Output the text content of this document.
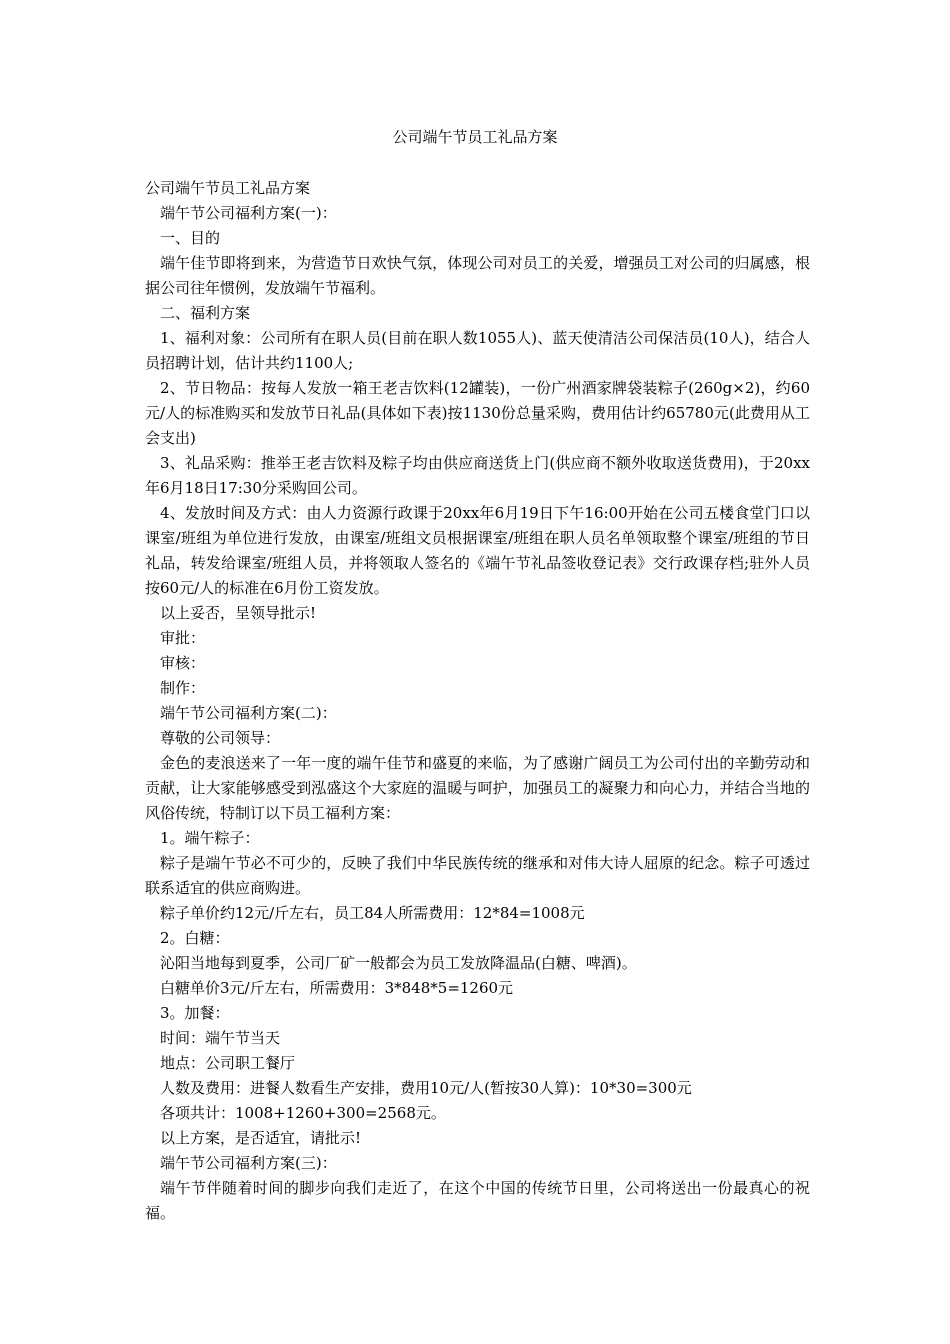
公司端午节员工礼品方案

公司端午节员工礼品方案

端午节公司福利方案(一)：

一、目的

端午佳节即将到来，为营造节日欢快气氛，体现公司对员工的关爱，增强员工对公司的归属感，根据公司往年惯例，发放端午节福利。

二、福利方案

1、福利对象：公司所有在职人员(目前在职人数1055人)、蓝天使清洁公司保洁员(10人)，结合人员招聘计划，估计共约1100人;

2、节日物品：按每人发放一箱王老吉饮料(12罐装)，一份广州酒家牌袋装粽子(260g×2)，约60元/人的标准购买和发放节日礼品(具体如下表)按1130份总量采购，费用估计约65780元(此费用从工会支出)

3、礼品采购：推举王老吉饮料及粽子均由供应商送货上门(供应商不额外收取送货费用)，于20xx年6月18日17:30分采购回公司。

4、发放时间及方式：由人力资源行政课于20xx年6月19日下午16:00开始在公司五楼食堂门口以课室/班组为单位进行发放，由课室/班组文员根据课室/班组在职人员名单领取整个课室/班组的节日礼品，转发给课室/班组人员，并将领取人签名的《端午节礼品签收登记表》交行政课存档;驻外人员按60元/人的标准在6月份工资发放。

以上妥否，呈领导批示!

审批：

审核：

制作：

端午节公司福利方案(二)：

尊敬的公司领导：

金色的麦浪送来了一年一度的端午佳节和盛夏的来临，为了感谢广阔员工为公司付出的辛勤劳动和贡献，让大家能够感受到泓盛这个大家庭的温暖与呵护，加强员工的凝聚力和向心力，并结合当地的风俗传统，特制订以下员工福利方案：

1。端午粽子：

粽子是端午节必不可少的，反映了我们中华民族传统的继承和对伟大诗人屈原的纪念。粽子可透过联系适宜的供应商购进。

粽子单价约12元/斤左右，员工84人所需费用：12*84=1008元

2。白糖：

沁阳当地每到夏季，公司厂矿一般都会为员工发放降温品(白糖、啤酒)。

白糖单价3元/斤左右，所需费用：3*848*5=1260元

3。加餐：

时间：端午节当天

地点：公司职工餐厅

人数及费用：进餐人数看生产安排，费用10元/人(暂按30人算)：10*30=300元

各项共计：1008+1260+300=2568元。

以上方案，是否适宜，请批示!

端午节公司福利方案(三)：

端午节伴随着时间的脚步向我们走近了，在这个中国的传统节日里，公司将送出一份最真心的祝福。
